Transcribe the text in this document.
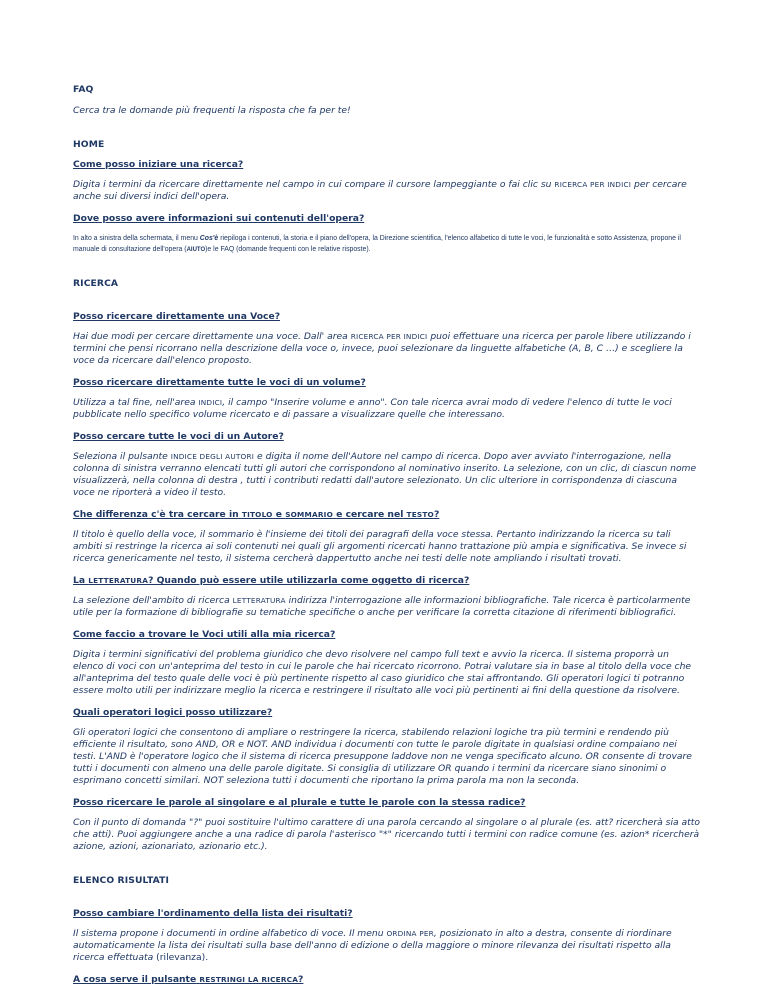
FAQ
Cerca tra le domande più frequenti la risposta che fa per te!
HOME
Come posso iniziare una ricerca?
Digita i termini da ricercare direttamente nel campo in cui compare il cursore lampeggiante o fai clic su RICERCA PER INDICI per cercare anche sui diversi indici dell'opera.
Dove posso avere informazioni sui contenuti dell'opera?
In alto a sinistra della schermata, il menu Cos'è riepiloga i contenuti, la storia e il piano dell'opera, la Direzione scientifica, l'elenco alfabetico di tutte le voci, le funzionalità e sotto Assistenza, propone il manuale di consultazione dell'opera (AIUTO)e le FAQ (domande frequenti con le relative risposte).
RICERCA
Posso ricercare direttamente una Voce?
Hai due modi per cercare direttamente una voce. Dall' area RICERCA PER INDICI puoi effettuare una ricerca per parole libere utilizzando i termini che pensi ricorrano nella descrizione della voce o, invece, puoi selezionare da linguette alfabetiche (A, B, C …) e scegliere la voce da ricercare dall'elenco proposto.
Posso ricercare direttamente tutte le voci di un volume?
Utilizza a tal fine, nell'area INDICI, il campo "Inserire volume e anno". Con tale ricerca avrai modo di vedere l'elenco di tutte le voci pubblicate nello specifico volume ricercato e di passare a visualizzare quelle che interessano.
Posso cercare tutte le voci di un Autore?
Seleziona il pulsante INDICE DEGLI AUTORI e digita il nome dell'Autore nel campo di ricerca. Dopo aver avviato l'interrogazione, nella colonna di sinistra verranno elencati tutti gli autori che corrispondono al nominativo inserito. La selezione, con un clic, di ciascun nome visualizzerà, nella colonna di destra , tutti i contributi redatti dall'autore selezionato. Un clic ulteriore in corrispondenza di ciascuna voce ne riporterà a video il testo.
Che differenza c'è tra cercare in TITOLO e SOMMARIO e cercare nel TESTO?
Il titolo è quello della voce, il sommario è l'insieme dei titoli dei paragrafi della voce stessa. Pertanto indirizzando la ricerca su tali ambiti si restringe la ricerca ai soli contenuti nei quali gli argomenti ricercati hanno trattazione più ampia e significativa. Se invece si ricerca genericamente nel testo, il sistema cercherà dappertutto anche nei testi delle note ampliando i risultati trovati.
La LETTERATURA? Quando può essere utile utilizzarla come oggetto di ricerca?
La selezione dell'ambito di ricerca LETTERATURA indirizza l'interrogazione alle informazioni bibliografiche. Tale ricerca è particolarmente utile per la formazione di bibliografie su tematiche specifiche o anche per verificare la corretta citazione di riferimenti bibliografici.
Come faccio a trovare le Voci utili alla mia ricerca?
Digita i termini significativi del problema giuridico che devo risolvere nel campo full text e avvio la ricerca. Il sistema proporrà un elenco di voci con un'anteprima del testo in cui le parole che hai ricercato ricorrono. Potrai valutare sia in base al titolo della voce che all'anteprima del testo quale delle voci è più pertinente rispetto al caso giuridico che stai affrontando. Gli operatori logici ti potranno essere molto utili per indirizzare meglio la ricerca e restringere il risultato alle voci più pertinenti ai fini della questione da risolvere.
Quali operatori logici posso utilizzare?
Gli operatori logici che consentono di ampliare o restringere la ricerca, stabilendo relazioni logiche tra più termini e rendendo più efficiente il risultato, sono AND, OR e NOT. AND individua i documenti con tutte le parole digitate in qualsiasi ordine compaiano nei testi. L'AND è l'operatore logico che il sistema di ricerca presuppone laddove non ne venga specificato alcuno. OR consente di trovare tutti i documenti con almeno una delle parole digitate. Si consiglia di utilizzare OR quando i termini da ricercare siano sinonimi o esprimano concetti similari. NOT seleziona tutti i documenti che riportano la prima parola ma non la seconda.
Posso ricercare le parole al singolare e al plurale e tutte le parole con la stessa radice?
Con il punto di domanda "?" puoi sostituire l'ultimo carattere di una parola cercando al singolare o al plurale (es. att? ricercherà sia atto che atti). Puoi aggiungere anche a una radice di parola l'asterisco "*" ricercando tutti i termini con radice comune (es. azion* ricercherà azione, azioni, azionariato, azionario etc.).
ELENCO RISULTATI
Posso cambiare l'ordinamento della lista dei risultati?
Il sistema propone i documenti in ordine alfabetico di voce. Il menu ORDINA PER, posizionato in alto a destra, consente di riordinare automaticamente la lista dei risultati sulla base dell'anno di edizione o della maggiore o minore rilevanza dei risultati rispetto alla ricerca effettuata (rilevanza).
A cosa serve il pulsante RESTRINGI LA RICERCA?
